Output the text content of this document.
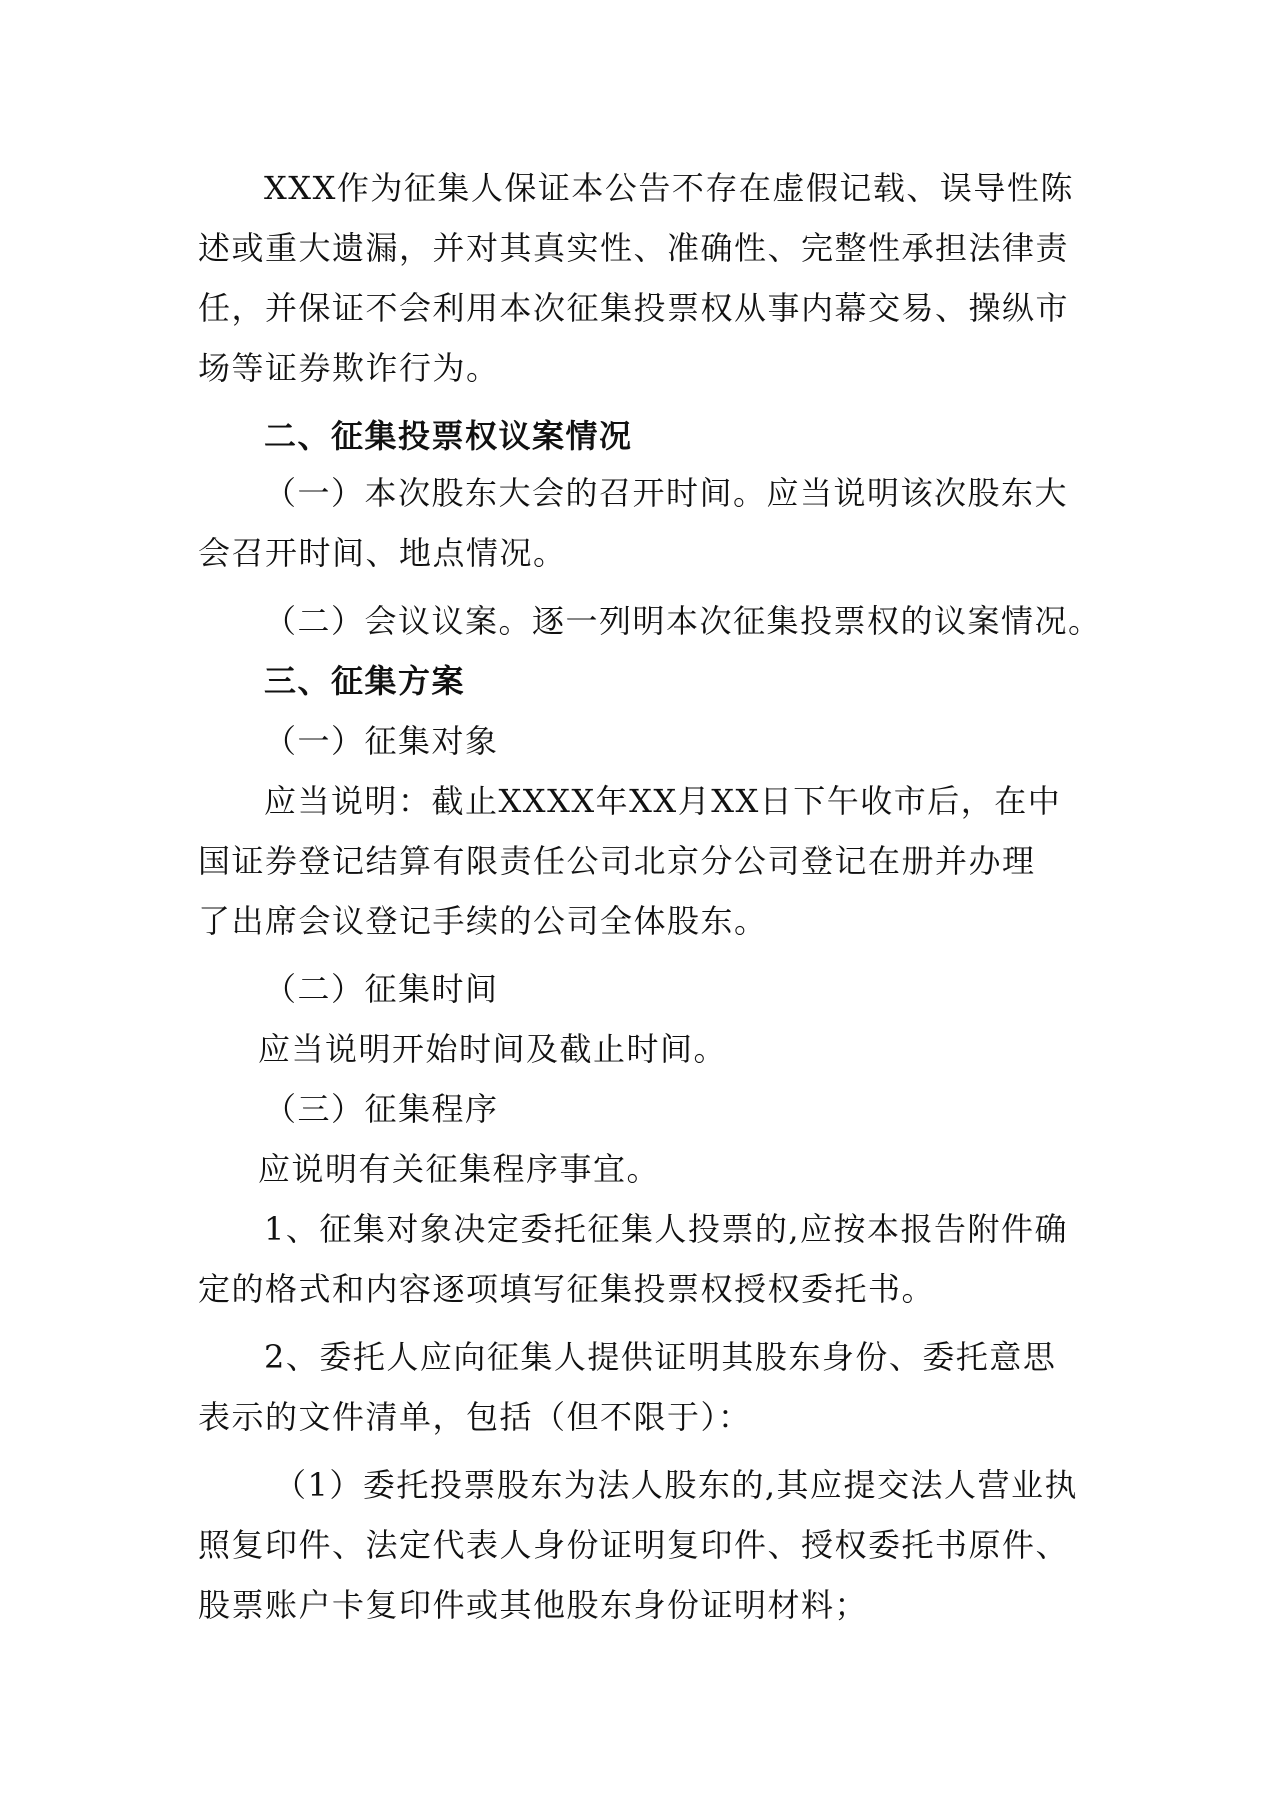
XXX作为征集人保证本公告不存在虚假记载、误导性陈

述或重大遗漏，并对其真实性、准确性、完整性承担法律责

任，并保证不会利用本次征集投票权从事内幕交易、操纵市

场等证券欺诈行为。

二、征集投票权议案情况

（一）本次股东大会的召开时间。应当说明该次股东大

会召开时间、地点情况。

（二）会议议案。逐一列明本次征集投票权的议案情况。

三、征集方案

（一）征集对象

应当说明：截止XXXX年XX月XX日下午收市后，在中

国证券登记结算有限责任公司北京分公司登记在册并办理

了出席会议登记手续的公司全体股东。

（二）征集时间

应当说明开始时间及截止时间。

（三）征集程序

应说明有关征集程序事宜。

1、征集对象决定委托征集人投票的,应按本报告附件确

定的格式和内容逐项填写征集投票权授权委托书。

2、委托人应向征集人提供证明其股东身份、委托意思

表示的文件清单，包括（但不限于）：

（1）委托投票股东为法人股东的,其应提交法人营业执

照复印件、法定代表人身份证明复印件、授权委托书原件、

股票账户卡复印件或其他股东身份证明材料；
